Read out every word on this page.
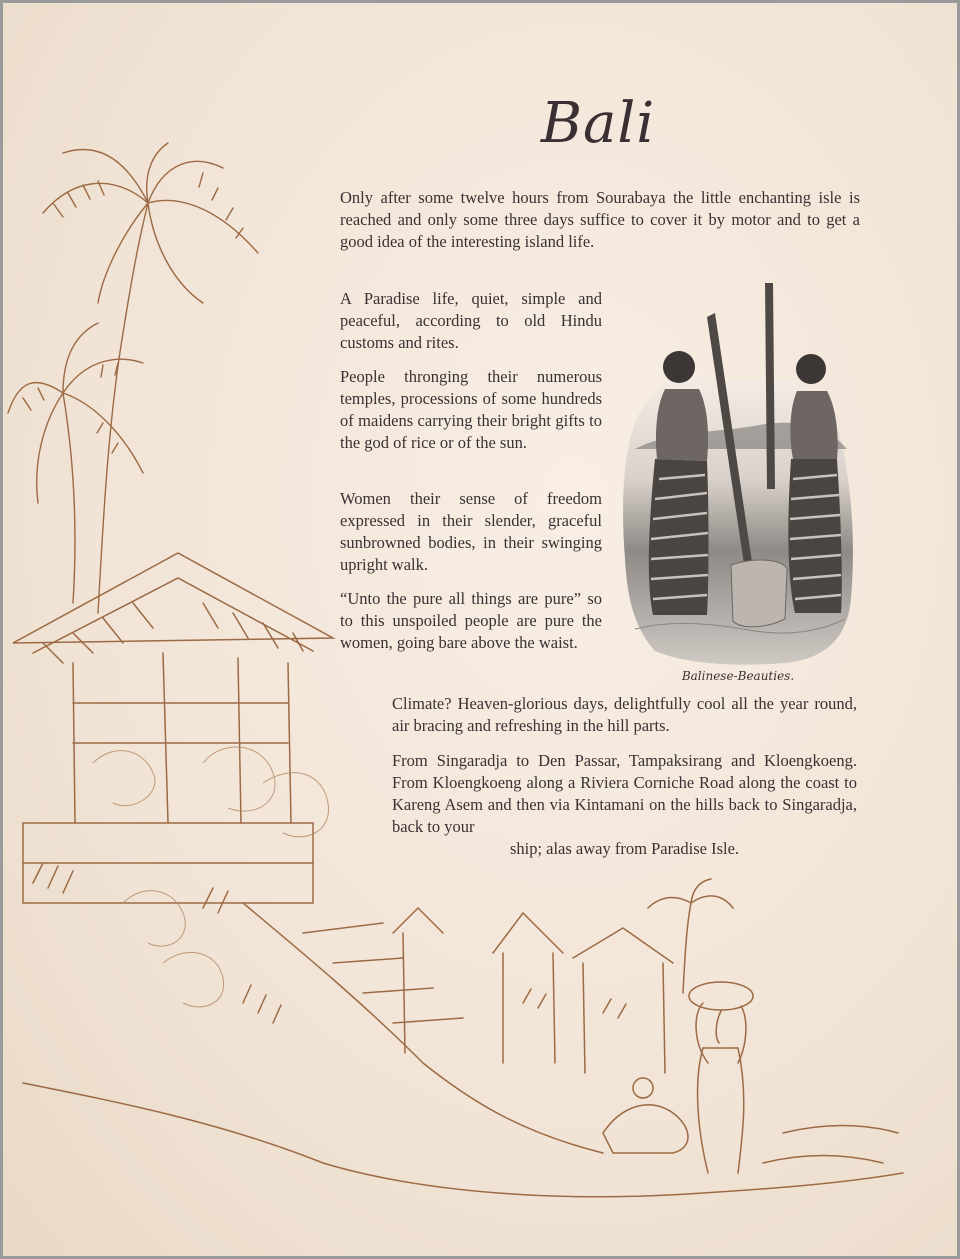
Bali

Only after some twelve hours from Sourabaya the little enchanting isle is reached and only some three days suffice to cover it by motor and to get a good idea of the interesting island life.

A Paradise life, quiet, simple and peaceful, according to old Hindu customs and rites.

People thronging their numerous temples, processions of some hundreds of maidens carrying their bright gifts to the god of rice or of the sun.

Women their sense of freedom expressed in their slender, graceful sunbrowned bodies, in their swinging upright walk.

“Unto the pure all things are pure” so to this unspoiled people are pure the women, going bare above the waist.

Balinese-Beauties.

Climate? Heaven-glorious days, delightfully cool all the year round, air bracing and refreshing in the hill parts.

From Singaradja to Den Passar, Tampaksirang and Kloengkoeng. From Kloengkoeng along a Riviera Corniche Road along the coast to Kareng Asem and then via Kintamani on the hills back to Singaradja, back to your

ship; alas away from Paradise Isle.
